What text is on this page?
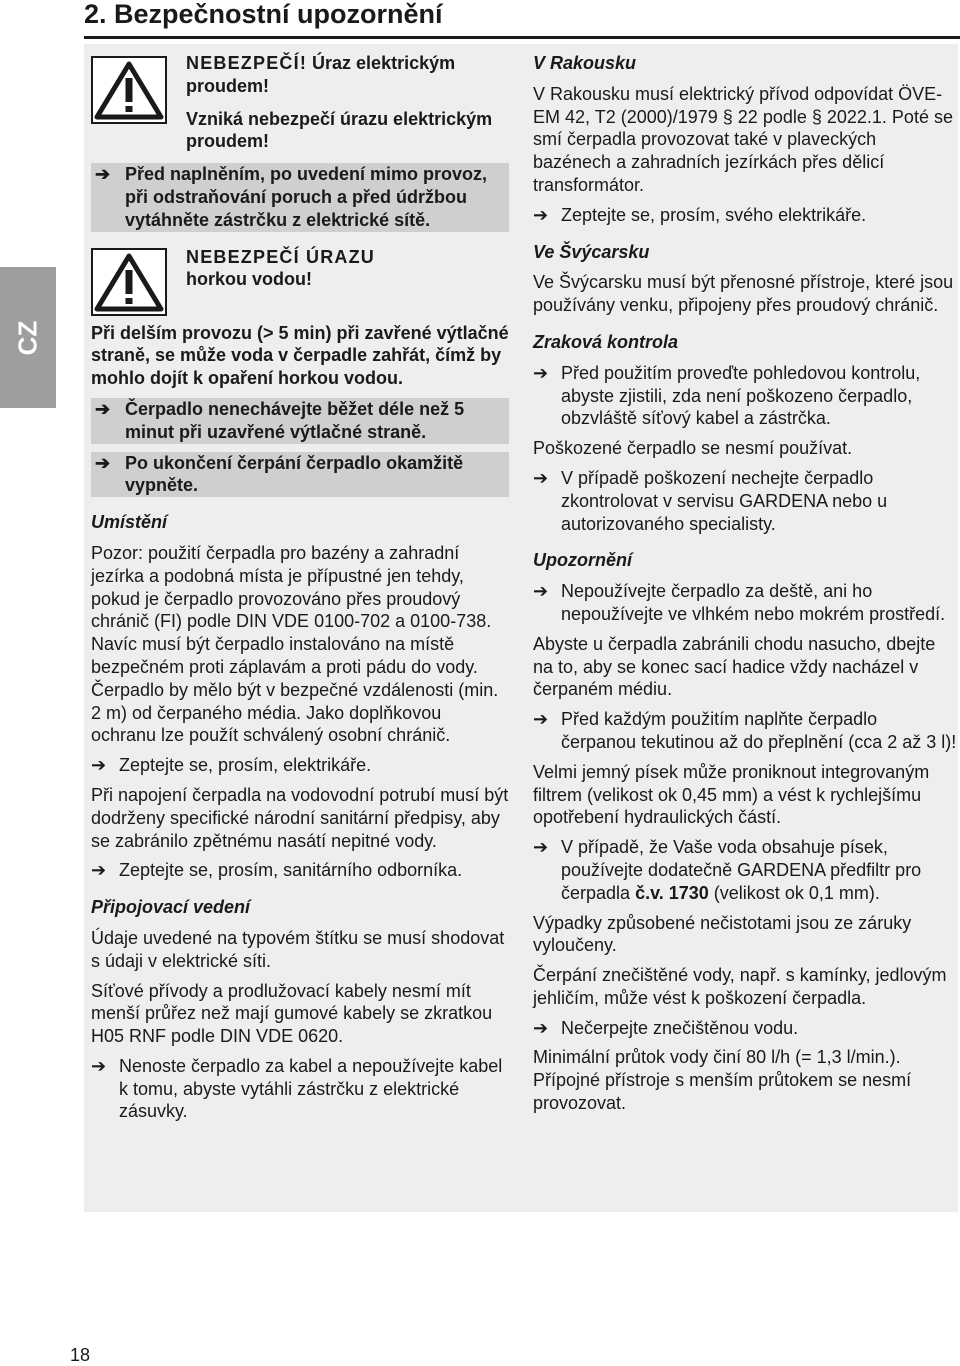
2. Bezpečnostní upozornění
CZ

NEBEZPEČÍ! Úraz elektrickým proudem!

Vzniká nebezpečí úrazu elektrickým proudem!

➔ Před naplněním, po uvedení mimo provoz, při odstraňování poruch a před údržbou vytáhněte zástrčku z elektrické sítě.

NEBEZPEČÍ ÚRAZU
horkou vodou!

Při delším provozu (> 5 min) při zavřené výtlačné straně, se může voda v čerpadle zahřát, čímž by mohlo dojít k opaření horkou vodou.

➔ Čerpadlo nenechávejte běžet déle než 5 minut při uzavřené výtlačné straně.
➔ Po ukončení čerpání čerpadlo okamžitě vypněte.
Umístění

Pozor: použití čerpadla pro bazény a zahradní jezírka a podobná místa je přípustné jen tehdy, pokud je čerpadlo provozováno přes proudový chránič (FI) podle DIN VDE 0100-702 a 0100-738. Navíc musí být čerpadlo instalováno na místě bezpečném proti záplavám a proti pádu do vody. Čerpadlo by mělo být v bezpečné vzdálenosti (min. 2 m) od čerpaného média. Jako doplňkovou ochranu lze použít schválený osobní chránič.

➔ Zeptejte se, prosím, elektrikáře.

Při napojení čerpadla na vodovodní potrubí musí být dodrženy specifické národní sanitární předpisy, aby se zabránilo zpětnému nasátí nepitné vody.

➔ Zeptejte se, prosím, sanitárního odborníka.
Připojovací vedení

Údaje uvedené na typovém štítku se musí shodovat s údaji v elektrické síti.

Síťové přívody a prodlužovací kabely nesmí mít menší průřez než mají gumové kabely se zkratkou H05 RNF podle DIN VDE 0620.

➔ Nenoste čerpadlo za kabel a nepoužívejte kabel k tomu, abyste vytáhli zástrčku z elektrické zásuvky.
V Rakousku

V Rakousku musí elektrický přívod odpovídat ÖVE-EM 42, T2 (2000)/1979 § 22 podle § 2022.1. Poté se smí čerpadla provozovat také v plaveckých bazénech a zahradních jezírkách přes dělicí transformátor.

➔ Zeptejte se, prosím, svého elektrikáře.
Ve Švýcarsku

Ve Švýcarsku musí být přenosné přístroje, které jsou používány venku, připojeny přes proudový chránič.

Zraková kontrola
➔ Před použitím proveďte pohledovou kontrolu, abyste zjistili, zda není poškozeno čerpadlo, obzvláště síťový kabel a zástrčka.

Poškozené čerpadlo se nesmí používat.

➔ V případě poškození nechejte čerpadlo zkontrolovat v servisu GARDENA nebo u autorizovaného specialisty.
Upozornění
➔ Nepoužívejte čerpadlo za deště, ani ho nepoužívejte ve vlhkém nebo mokrém prostředí.

Abyste u čerpadla zabránili chodu nasucho, dbejte na to, aby se konec sací hadice vždy nacházel v čerpaném médiu.

➔ Před každým použitím naplňte čerpadlo čerpanou tekutinou až do přeplnění (cca 2 až 3 l)!

Velmi jemný písek může proniknout integrovaným filtrem (velikost ok 0,45 mm) a vést k rychlejšímu opotřebení hydraulických částí.

➔ V případě, že Vaše voda obsahuje písek, používejte dodatečně GARDENA předfiltr pro čerpadla č.v. 1730 (velikost ok 0,1 mm).

Výpadky způsobené nečistotami jsou ze záruky vyloučeny.

Čerpání znečištěné vody, např. s kamínky, jedlovým jehličím, může vést k poškození čerpadla.

➔ Nečerpejte znečištěnou vodu.

Minimální průtok vody činí 80 l/h (= 1,3 l/min.). Přípojné přístroje s menším průtokem se nesmí provozovat.

18
